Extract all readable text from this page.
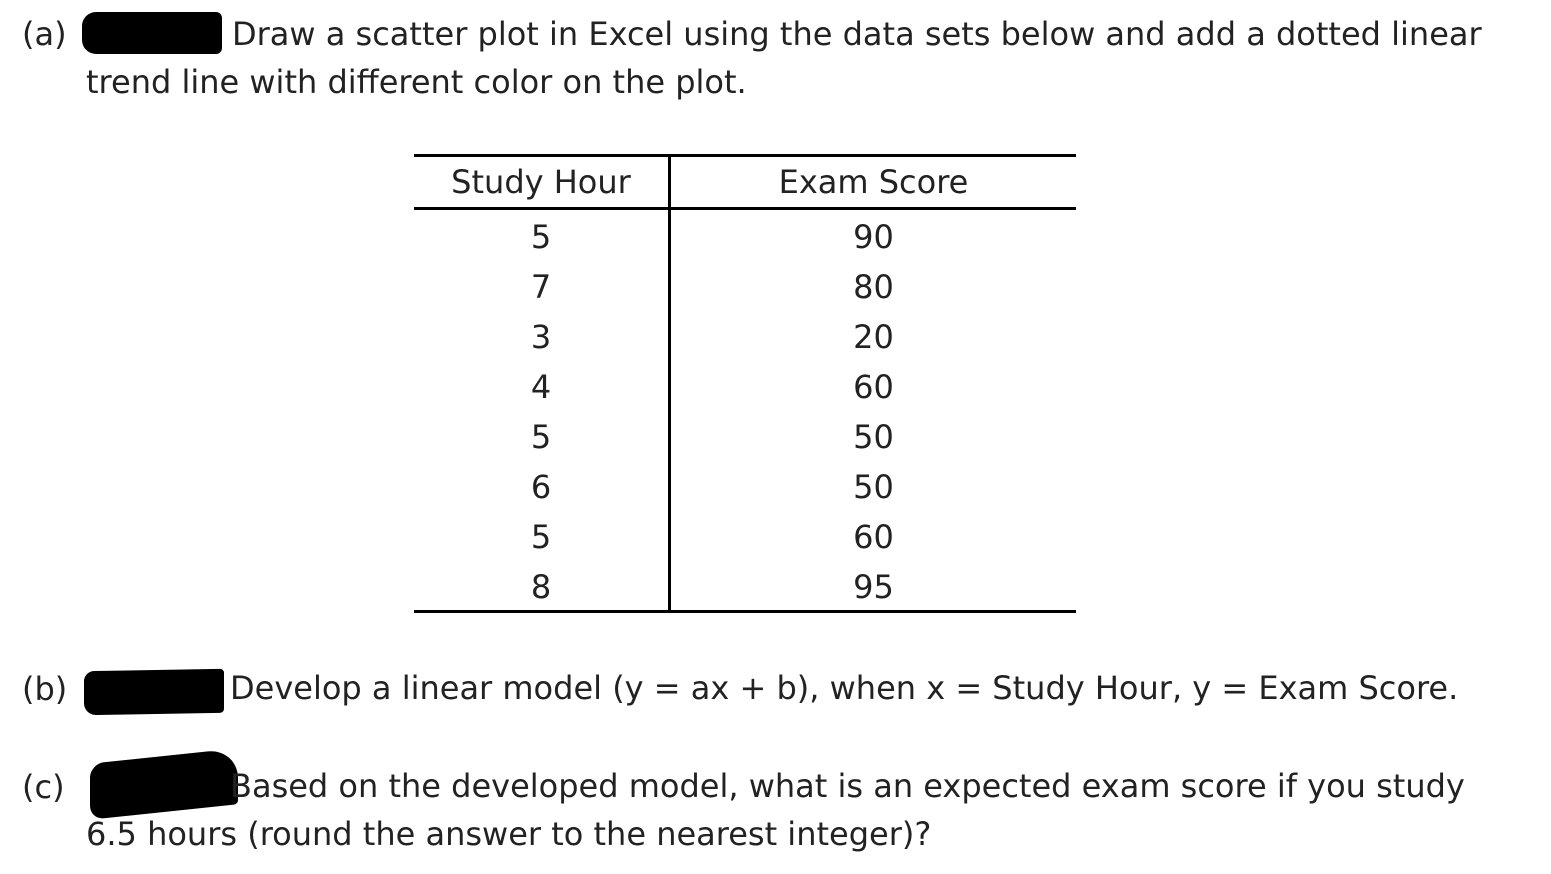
(a)	Draw a scatter plot in Excel using the data sets below and add a dotted linear
trend line with different color on the plot.
Study Hour	Exam Score
5	90
7	80
3	20
4	60
5	50
6	50
5	60
8	95
(b)	Develop a linear model (y = ax + b), when x = Study Hour, y = Exam Score.
(c)	Based on the developed model, what is an expected exam score if you study
6.5 hours (round the answer to the nearest integer)?
